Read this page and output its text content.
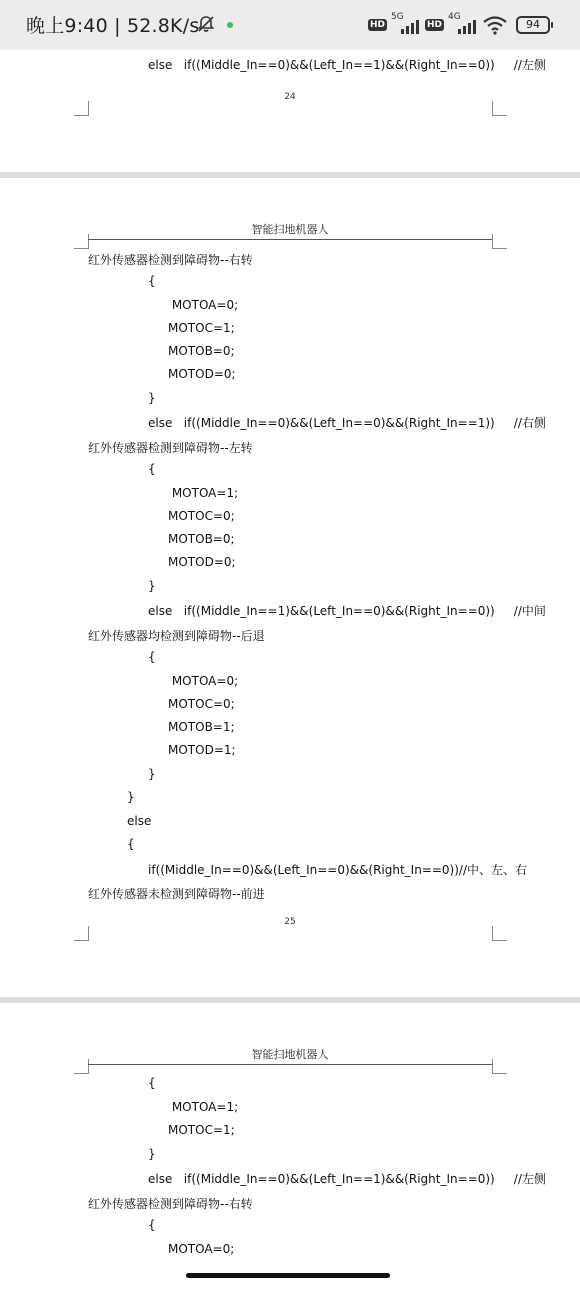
晚上9:40 | 52.8K/s	HD
5G
HD
4G
94
else   if((Middle_In==0)&&(Left_In==1)&&(Right_In==0))     //左侧
24
智能扫地机器人
红外传感器检测到障碍物--右转
{
MOTOA=0;
MOTOC=1;
MOTOB=0;
MOTOD=0;
}
else   if((Middle_In==0)&&(Left_In==0)&&(Right_In==1))     //右侧
红外传感器检测到障碍物--左转
{
MOTOA=1;
MOTOC=0;
MOTOB=0;
MOTOD=0;
}
else   if((Middle_In==1)&&(Left_In==0)&&(Right_In==0))     //中间
红外传感器均检测到障碍物--后退
{
MOTOA=0;
MOTOC=0;
MOTOB=1;
MOTOD=1;
}
}
else
{
if((Middle_In==0)&&(Left_In==0)&&(Right_In==0))//中、左、右
红外传感器未检测到障碍物--前进
25
智能扫地机器人
{
MOTOA=1;
MOTOC=1;
}
else   if((Middle_In==0)&&(Left_In==1)&&(Right_In==0))     //左侧
红外传感器检测到障碍物--右转
{
MOTOA=0;
